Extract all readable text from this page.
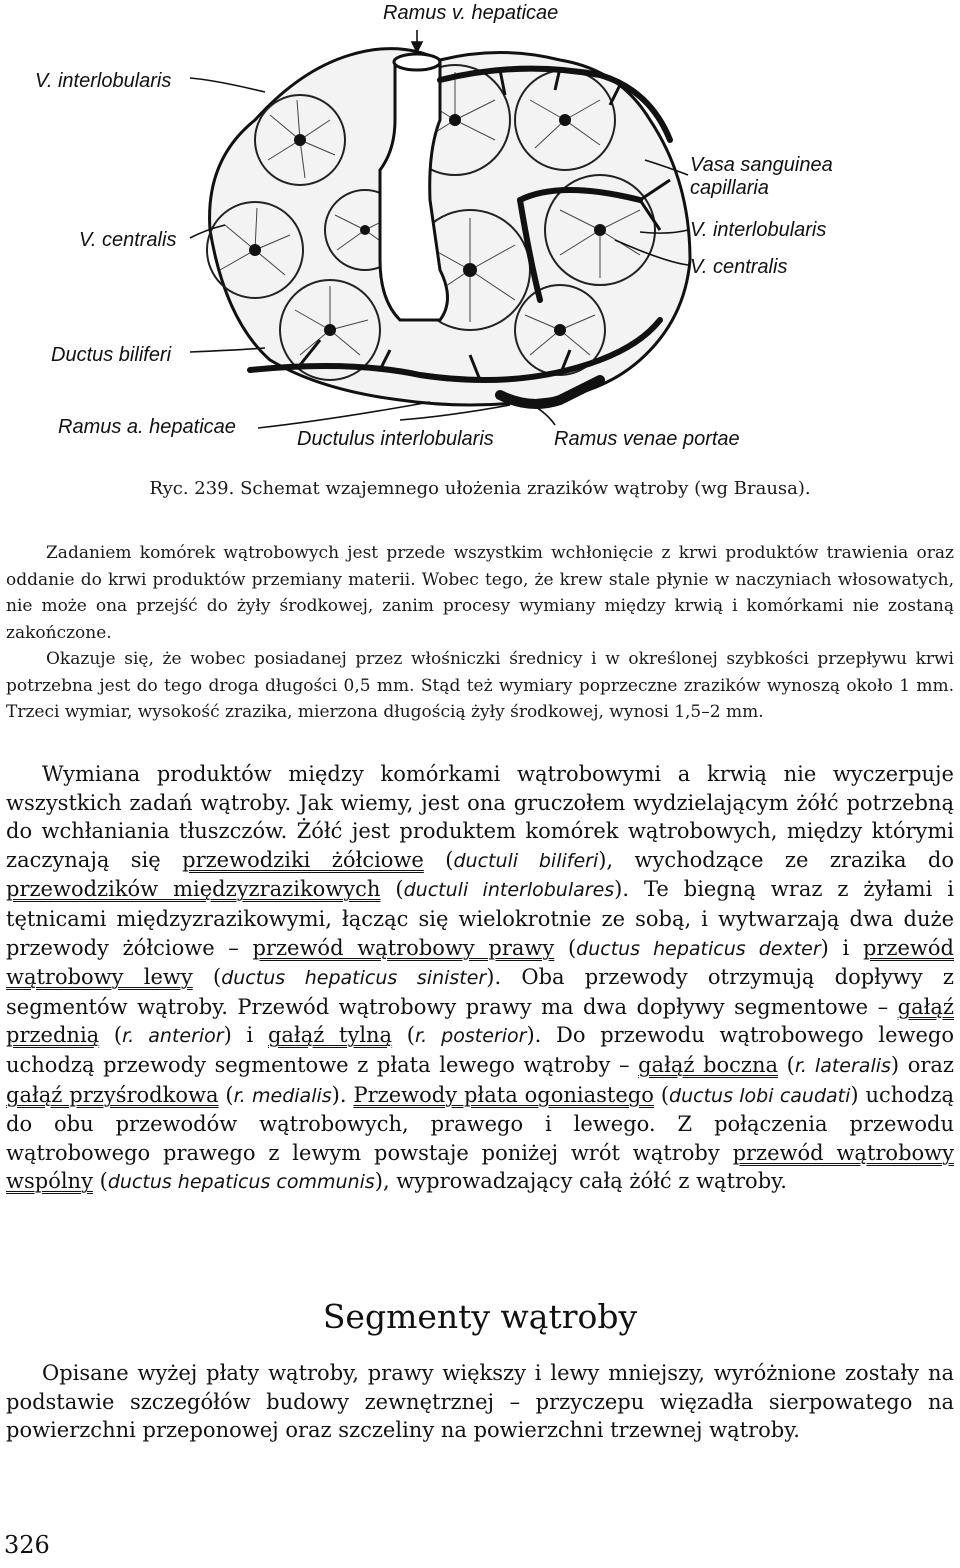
Ramus v. hepaticae
V. interlobularis
V. centralis
Ductus biliferi
Ramus a. hepaticae
Ductulus interlobularis	Ramus venae portae
Vasa sanguinea
capillaria
V. interlobularis
V. centralis
Ryc. 239. Schemat wzajemnego ułożenia zrazików wątroby (wg Brausa).

Zadaniem komórek wątrobowych jest przede wszystkim wchłonięcie z krwi produktów trawienia oraz oddanie do krwi produktów przemiany materii. Wobec tego, że krew stale płynie w naczyniach włosowatych, nie może ona przejść do żyły środkowej, zanim procesy wymiany między krwią i komórkami nie zostaną zakończone.

Okazuje się, że wobec posiadanej przez włośniczki średnicy i w określonej szybkości przepływu krwi potrzebna jest do tego droga długości 0,5 mm. Stąd też wymiary poprzeczne zrazików wynoszą około 1 mm. Trzeci wymiar, wysokość zrazika, mierzona długością żyły środkowej, wynosi 1,5–2 mm.

Wymiana produktów między komórkami wątrobowymi a krwią nie wyczerpuje wszystkich zadań wątroby. Jak wiemy, jest ona gruczołem wydzielającym żółć potrzebną do wchłaniania tłuszczów. Żółć jest produktem komórek wątrobowych, między którymi zaczynają się przewodziki żółciowe (ductuli biliferi), wychodzące ze zrazika do przewodzików międzyzrazikowych (ductuli interlobulares). Te biegną wraz z żyłami i tętnicami międzyzrazikowymi, łącząc się wielokrotnie ze sobą, i wytwarzają dwa duże przewody żółciowe – przewód wątrobowy prawy (ductus hepaticus dexter) i przewód wątrobowy lewy (ductus hepaticus sinister). Oba przewody otrzymują dopływy z segmentów wątroby. Przewód wątrobowy prawy ma dwa dopływy segmentowe – gałąź przednią (r. anterior) i gałąź tylną (r. posterior). Do przewodu wątrobowego lewego uchodzą przewody segmentowe z płata lewego wątroby – gałąź boczna (r. lateralis) oraz gałąź przyśrodkowa (r. medialis). Przewody płata ogoniastego (ductus lobi caudati) uchodzą do obu przewodów wątrobowych, prawego i lewego. Z połączenia przewodu wątrobowego prawego z lewym powstaje poniżej wrót wątroby przewód wątrobowy wspólny (ductus hepaticus communis), wyprowadzający całą żółć z wątroby.

Segmenty wątroby

Opisane wyżej płaty wątroby, prawy większy i lewy mniejszy, wyróżnione zostały na podstawie szczegółów budowy zewnętrznej – przyczepu więzadła sierpowatego na powierzchni przeponowej oraz szczeliny na powierzchni trzewnej wątroby.

326
